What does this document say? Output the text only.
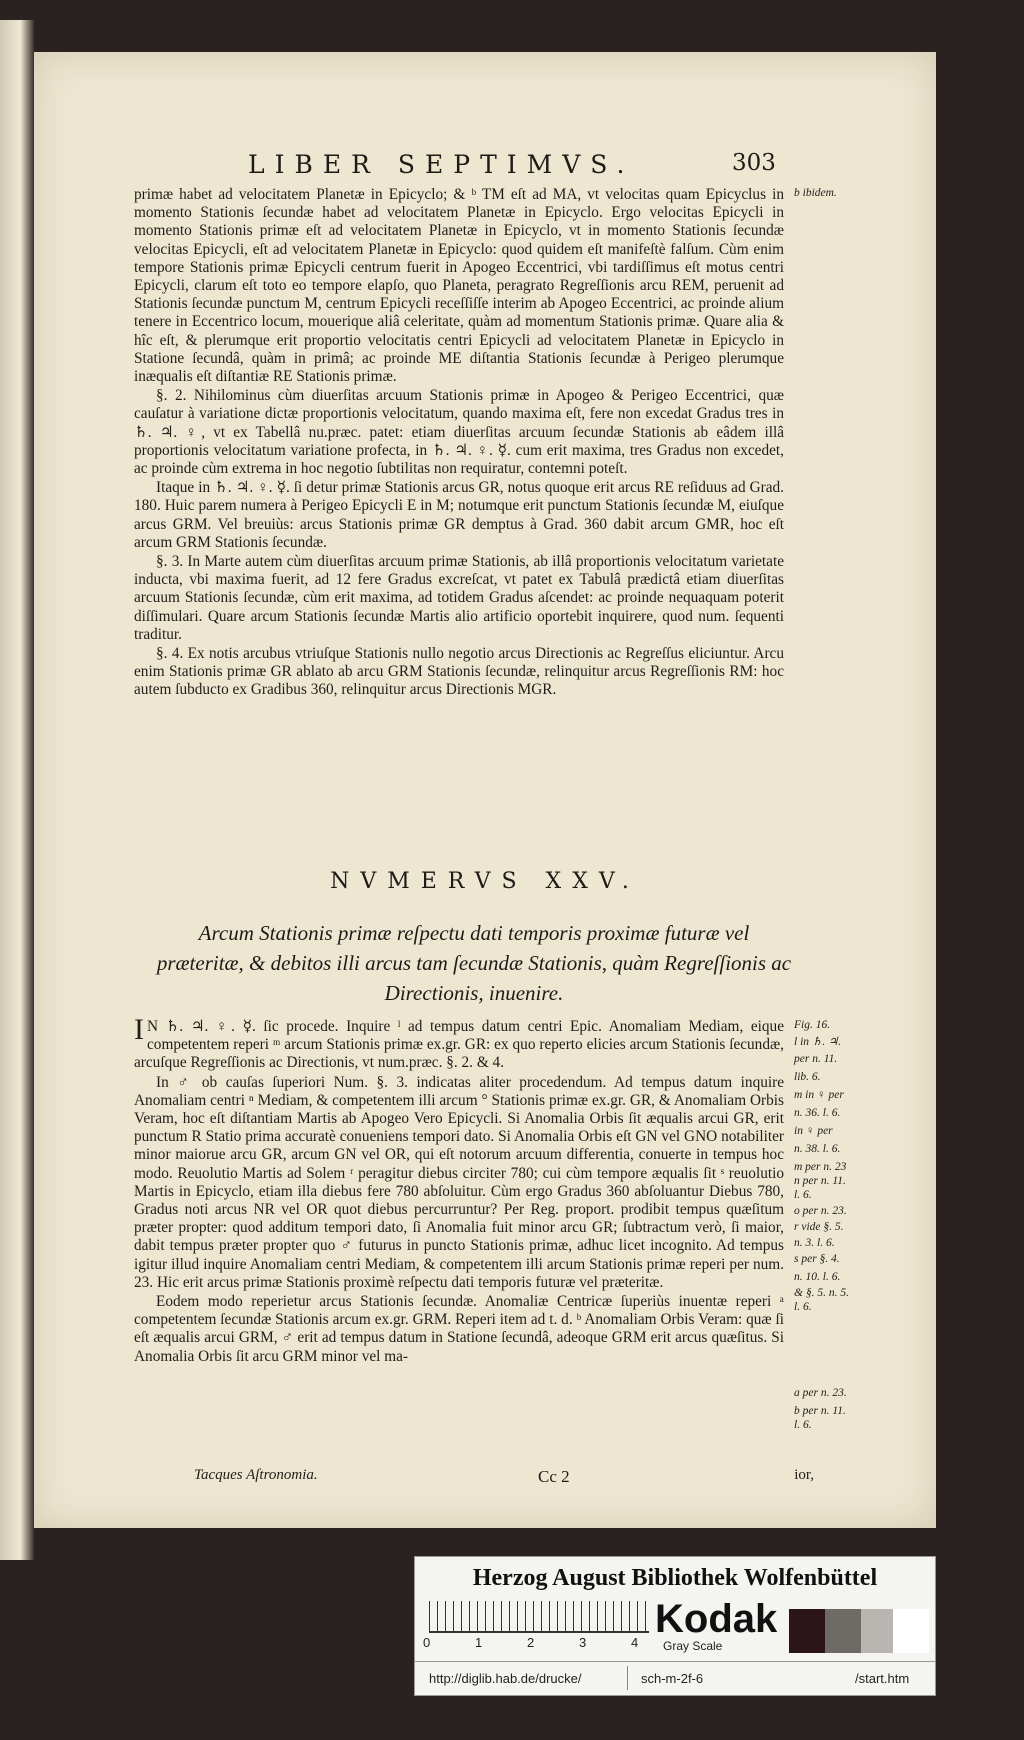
LIBER SEPTIMVS.	303

primæ habet ad velocitatem Planetæ in Epicyclo; & ᵇ TM eſt ad MA, vt velocitas quam Epicyclus in momento Stationis ſecundæ habet ad velocitatem Planetæ in Epicyclo. Ergo velocitas Epicycli in momento Stationis primæ eſt ad velocitatem Planetæ in Epicyclo, vt in momento Stationis ſecundæ velocitas Epicycli, eſt ad velocitatem Planetæ in Epicyclo: quod quidem eſt manifeſtè falſum. Cùm enim tempore Stationis primæ Epicycli centrum fuerit in Apogeo Eccentrici, vbi tardiſſimus eſt motus centri Epicycli, clarum eſt toto eo tempore elapſo, quo Planeta, peragrato Regreſſionis arcu REM, peruenit ad Stationis ſecundæ punctum M, centrum Epicycli receſſiſſe interim ab Apogeo Eccentrici, ac proinde alium tenere in Eccentrico locum, mouerique aliâ celeritate, quàm ad momentum Stationis primæ. Quare alia & hîc eſt, & plerumque erit proportio velocitatis centri Epicycli ad velocitatem Planetæ in Epicyclo in Statione ſecundâ, quàm in primâ; ac proinde ME diſtantia Stationis ſecundæ à Perigeo plerumque inæqualis eſt diſtantiæ RE Stationis primæ.

§. 2. Nihilominus cùm diuerſitas arcuum Stationis primæ in Apogeo & Perigeo Eccentrici, quæ cauſatur à variatione dictæ proportionis velocitatum, quando maxima eſt, fere non excedat Gradus tres in ♄. ♃. ♀, vt ex Tabellâ nu.præc. patet: etiam diuerſitas arcuum ſecundæ Stationis ab eâdem illâ proportionis velocitatum variatione profecta, in ♄. ♃. ♀. ☿. cum erit maxima, tres Gradus non excedet, ac proinde cùm extrema in hoc negotio ſubtilitas non requiratur, contemni poteſt.

Itaque in ♄. ♃. ♀. ☿. ſi detur primæ Stationis arcus GR, notus quoque erit arcus RE reſiduus ad Grad. 180. Huic parem numera à Perigeo Epicycli E in M; notumque erit punctum Stationis ſecundæ M, eiuſque arcus GRM. Vel breuiùs: arcus Stationis primæ GR demptus à Grad. 360 dabit arcum GMR, hoc eſt arcum GRM Stationis ſecundæ.

§. 3. In Marte autem cùm diuerſitas arcuum primæ Stationis, ab illâ proportionis velocitatum varietate inducta, vbi maxima fuerit, ad 12 fere Gradus excreſcat, vt patet ex Tabulâ prædictâ etiam diuerſitas arcuum Stationis ſecundæ, cùm erit maxima, ad totidem Gradus aſcendet: ac proinde nequaquam poterit diſſimulari. Quare arcum Stationis ſecundæ Martis alio artificio oportebit inquirere, quod num. ſequenti traditur.

§. 4. Ex notis arcubus vtriuſque Stationis nullo negotio arcus Directionis ac Regreſſus eliciuntur. Arcu enim Stationis primæ GR ablato ab arcu GRM Stationis ſecundæ, relinquitur arcus Regreſſionis RM: hoc autem ſubducto ex Gradibus 360, relinquitur arcus Directionis MGR.

NVMERVS XXV.
Arcum Stationis primæ reſpectu dati temporis proximæ futuræ vel præteritæ, & debitos illi arcus tam ſecundæ Stationis, quàm Regreſſionis ac Directionis, inuenire.

I N ♄. ♃. ♀. ☿. ſic procede. Inquire ˡ ad tempus datum centri Epic. Anomaliam Mediam, eique competentem reperi ᵐ arcum Stationis primæ ex.gr. GR: ex quo reperto elicies arcum Stationis ſecundæ, arcuſque Regreſſionis ac Directionis, vt num.præc. §. 2. & 4.

In ♂ ob cauſas ſuperiori Num. §. 3. indicatas aliter procedendum. Ad tempus datum inquire Anomaliam centri ⁿ Mediam, & competentem illi arcum ° Stationis primæ ex.gr. GR, & Anomaliam Orbis Veram, hoc eſt diſtantiam Martis ab Apogeo Vero Epicycli. Si Anomalia Orbis ſit æqualis arcui GR, erit punctum R Statio prima accuratè conueniens tempori dato. Si Anomalia Orbis eſt GN vel GNO notabiliter minor maiorue arcu GR, arcum GN vel OR, qui eſt notorum arcuum differentia, conuerte in tempus hoc modo. Reuolutio Martis ad Solem ʳ peragitur diebus circiter 780; cui cùm tempore æqualis ſit ˢ reuolutio Martis in Epicyclo, etiam illa diebus fere 780 abſoluitur. Cùm ergo Gradus 360 abſoluantur Diebus 780, Gradus noti arcus NR vel OR quot diebus percurruntur? Per Reg. proport. prodibit tempus quæſitum præter propter: quod additum tempori dato, ſi Anomalia fuit minor arcu GR; ſubtractum verò, ſi maior, dabit tempus præter propter quo ♂ futurus in puncto Stationis primæ, adhuc licet incognito. Ad tempus igitur illud inquire Anomaliam centri Mediam, & competentem illi arcum Stationis primæ reperi per num. 23. Hic erit arcus primæ Stationis proximè reſpectu dati temporis futuræ vel præteritæ.

Eodem modo reperietur arcus Stationis ſecundæ. Anomaliæ Centricæ ſuperiùs inuentæ reperi ᵃ competentem ſecundæ Stationis arcum ex.gr. GRM. Reperi item ad t. d. ᵇ Anomaliam Orbis Veram: quæ ſi eſt æqualis arcui GRM, ♂ erit ad tempus datum in Statione ſecundâ, adeoque GRM erit arcus quæſitus. Si Anomalia Orbis ſit arcu GRM minor vel ma-

b ibidem.
Fig. 16.
l in ♄. ♃.
per n. 11.
lib. 6.
m in ♀ per
n. 36. l. 6.
in ♀ per
n. 38. l. 6.
m per n. 23
n per n. 11.
l. 6.
o per n. 23.
r vide §. 5.
n. 3. l. 6.
s per §. 4.
n. 10. l. 6.
& §. 5. n. 5.
l. 6.
a per n. 23.
b per n. 11.
l. 6.
Tacques Aſtronomia.	Cc 2	ior,
Herzog August Bibliothek Wolfenbüttel
0	1	2	3	4
Kodak
Gray Scale
http://diglib.hab.de/drucke/	sch-m-2f-6	/start.htm
